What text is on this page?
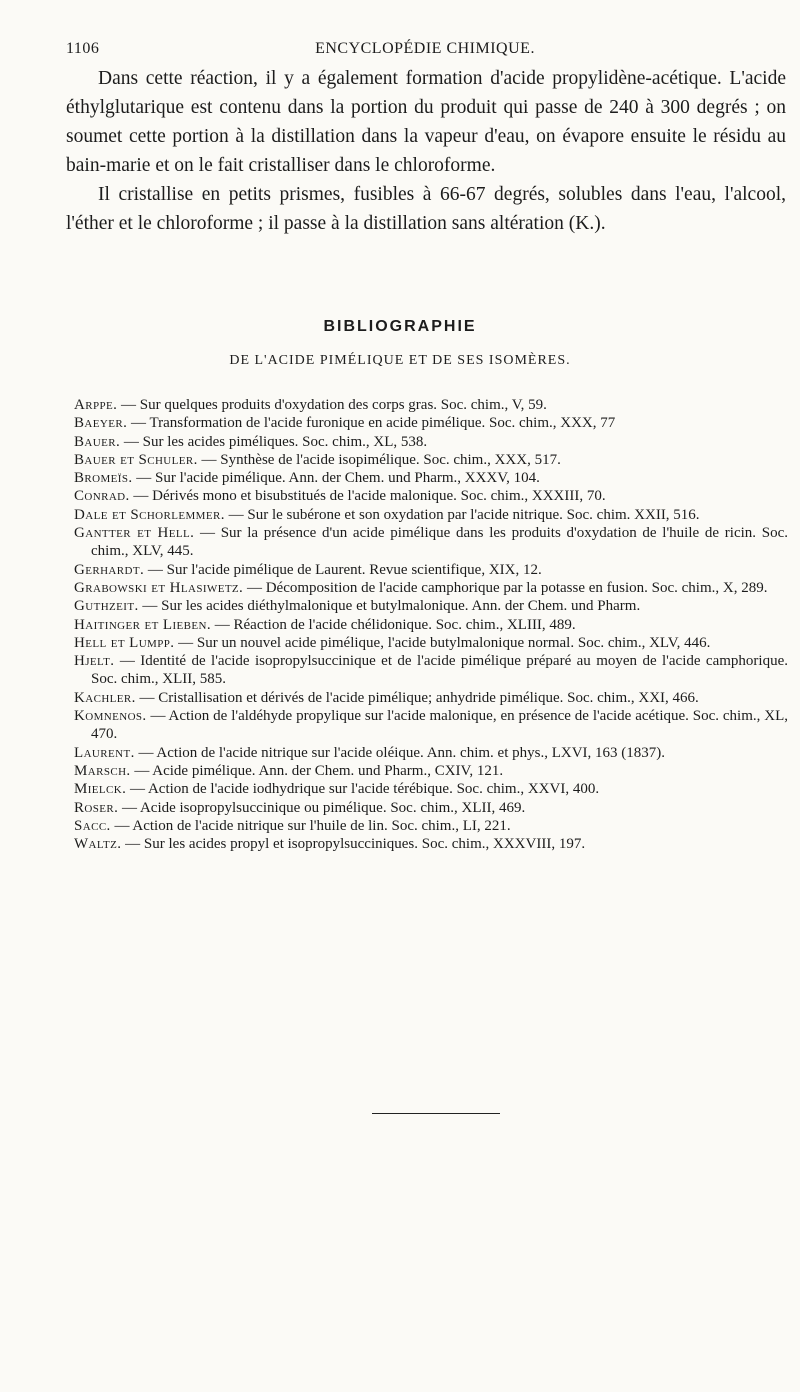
1106	ENCYCLOPÉDIE CHIMIQUE.

Dans cette réaction, il y a également formation d'acide propylidène-acétique. L'acide éthylglutarique est contenu dans la portion du produit qui passe de 240 à 300 degrés ; on soumet cette portion à la distillation dans la vapeur d'eau, on évapore ensuite le résidu au bain-marie et on le fait cristalliser dans le chloroforme.

Il cristallise en petits prismes, fusibles à 66-67 degrés, solubles dans l'eau, l'alcool, l'éther et le chloroforme ; il passe à la distillation sans altération (K.).

BIBLIOGRAPHIE
DE L'ACIDE PIMÉLIQUE ET DE SES ISOMÈRES.
Arppe. — Sur quelques produits d'oxydation des corps gras. Soc. chim., V, 59.
Baeyer. — Transformation de l'acide furonique en acide pimélique. Soc. chim., XXX, 77
Bauer. — Sur les acides piméliques. Soc. chim., XL, 538.
Bauer et Schuler. — Synthèse de l'acide isopimélique. Soc. chim., XXX, 517.
Bromeïs. — Sur l'acide pimélique. Ann. der Chem. und Pharm., XXXV, 104.
Conrad. — Dérivés mono et bisubstitués de l'acide malonique. Soc. chim., XXXIII, 70.
Dale et Schorlemmer. — Sur le subérone et son oxydation par l'acide nitrique. Soc. chim. XXII, 516.
Gantter et Hell. — Sur la présence d'un acide pimélique dans les produits d'oxydation de l'huile de ricin. Soc. chim., XLV, 445.
Gerhardt. — Sur l'acide pimélique de Laurent. Revue scientifique, XIX, 12.
Grabowski et Hlasiwetz. — Décomposition de l'acide camphorique par la potasse en fusion. Soc. chim., X, 289.
Guthzeit. — Sur les acides diéthylmalonique et butylmalonique. Ann. der Chem. und Pharm.
Haitinger et Lieben. — Réaction de l'acide chélidonique. Soc. chim., XLIII, 489.
Hell et Lumpp. — Sur un nouvel acide pimélique, l'acide butylmalonique normal. Soc. chim., XLV, 446.
Hjelt. — Identité de l'acide isopropylsuccinique et de l'acide pimélique préparé au moyen de l'acide camphorique. Soc. chim., XLII, 585.
Kachler. — Cristallisation et dérivés de l'acide pimélique; anhydride pimélique. Soc. chim., XXI, 466.
Komnenos. — Action de l'aldéhyde propylique sur l'acide malonique, en présence de l'acide acétique. Soc. chim., XL, 470.
Laurent. — Action de l'acide nitrique sur l'acide oléique. Ann. chim. et phys., LXVI, 163 (1837).
Marsch. — Acide pimélique. Ann. der Chem. und Pharm., CXIV, 121.
Mielck. — Action de l'acide iodhydrique sur l'acide térébique. Soc. chim., XXVI, 400.
Roser. — Acide isopropylsuccinique ou pimélique. Soc. chim., XLII, 469.
Sacc. — Action de l'acide nitrique sur l'huile de lin. Soc. chim., LI, 221.
Waltz. — Sur les acides propyl et isopropylsucciniques. Soc. chim., XXXVIII, 197.
